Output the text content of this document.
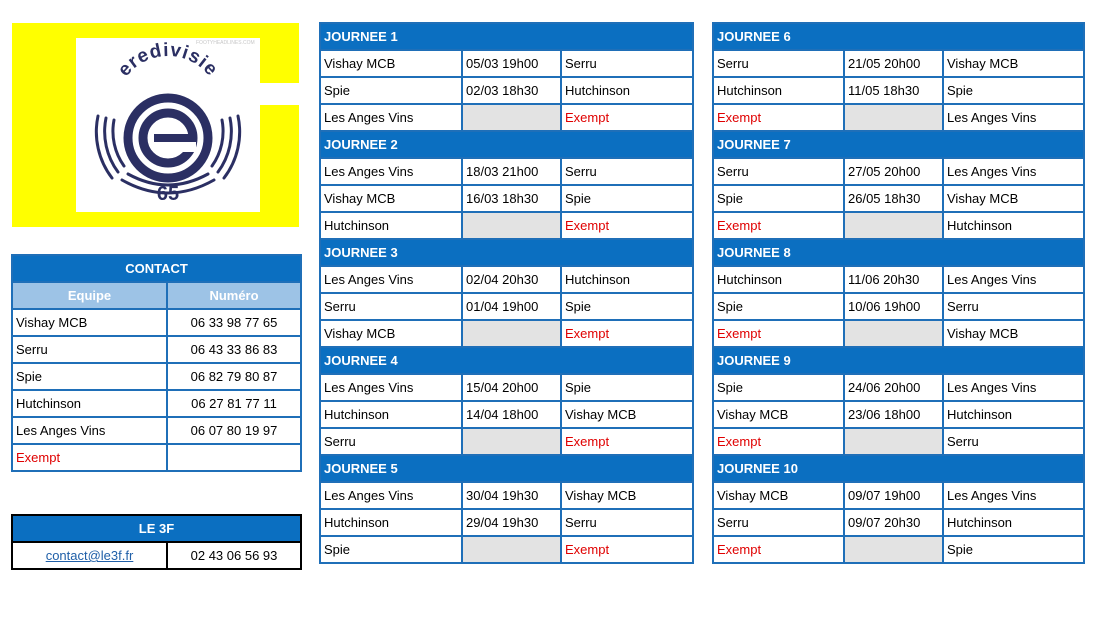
FOOTYHEADLINES.COM
eredivisie
65
CONTACT	
Equipe	Numéro
Vishay MCB	06 33 98 77 65
Serru	06 43 33 86 83
Spie	06 82 79 80 87
Hutchinson	06 27 81 77 11
Les Anges Vins	06 07 80 19 97
Exempt	
LE 3F
contact@le3f.fr	02 43 06 56 93
JOURNEE 1		
Vishay MCB	05/03 19h00	Serru
Spie	02/03 18h30	Hutchinson
Les Anges Vins		Exempt
JOURNEE 2		
Les Anges Vins	18/03 21h00	Serru
Vishay MCB	16/03 18h30	Spie
Hutchinson		Exempt
JOURNEE 3		
Les Anges Vins	02/04 20h30	Hutchinson
Serru	01/04 19h00	Spie
Vishay MCB		Exempt
JOURNEE 4		
Les Anges Vins	15/04 20h00	Spie
Hutchinson	14/04 18h00	Vishay MCB
Serru		Exempt
JOURNEE 5		
Les Anges Vins	30/04 19h30	Vishay MCB
Hutchinson	29/04 19h30	Serru
Spie		Exempt
JOURNEE 6		
Serru	21/05 20h00	Vishay MCB
Hutchinson	11/05 18h30	Spie
Exempt		Les Anges Vins
JOURNEE 7		
Serru	27/05 20h00	Les Anges Vins
Spie	26/05 18h30	Vishay MCB
Exempt		Hutchinson
JOURNEE 8		
Hutchinson	11/06 20h30	Les Anges Vins
Spie	10/06 19h00	Serru
Exempt		Vishay MCB
JOURNEE 9		
Spie	24/06 20h00	Les Anges Vins
Vishay MCB	23/06 18h00	Hutchinson
Exempt		Serru
JOURNEE 10		
Vishay MCB	09/07 19h00	Les Anges Vins
Serru	09/07 20h30	Hutchinson
Exempt		Spie
